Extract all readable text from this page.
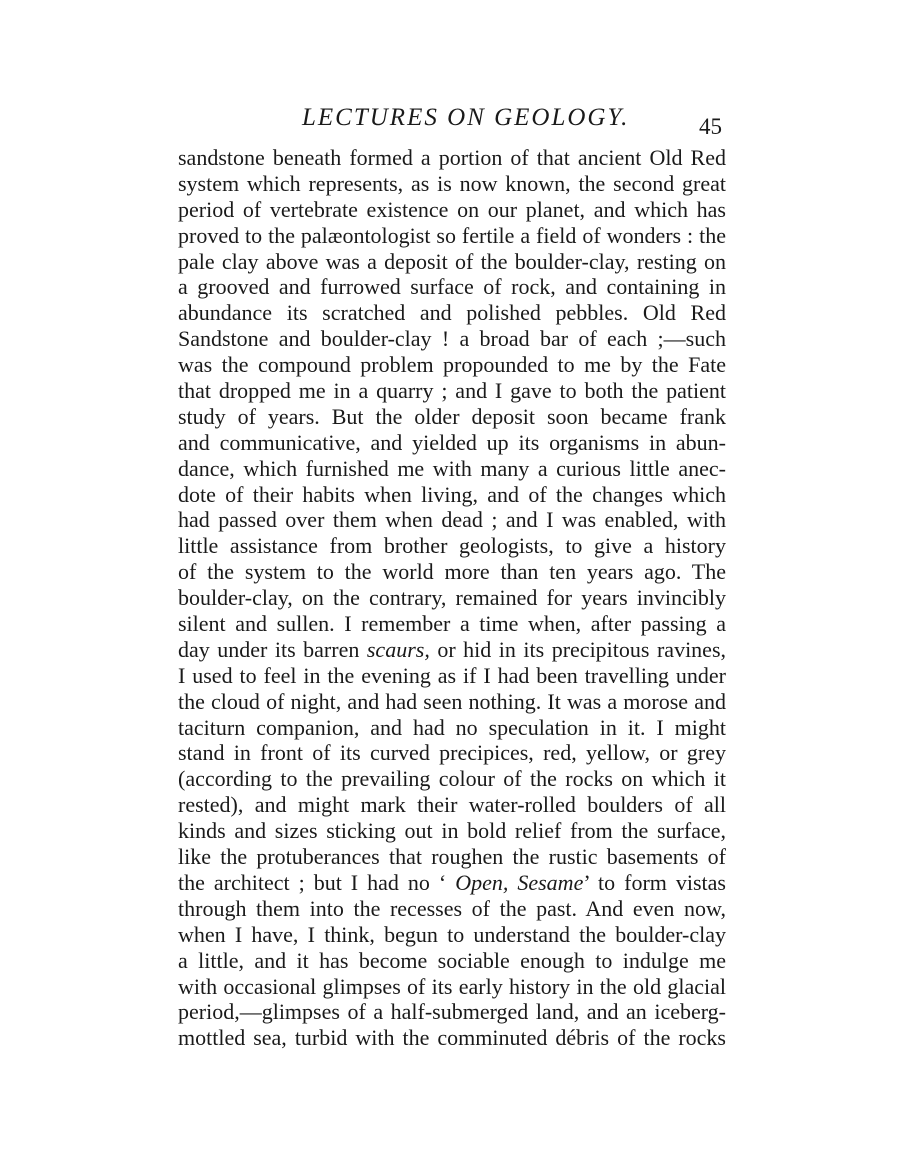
LECTURES ON GEOLOGY.	45
sandstone beneath formed a portion of that ancient Old Red
system which represents, as is now known, the second great
period of vertebrate existence on our planet, and which has
proved to the palæontologist so fertile a field of wonders : the
pale clay above was a deposit of the boulder-clay, resting on
a grooved and furrowed surface of rock, and containing in
abundance its scratched and polished pebbles. Old Red
Sandstone and boulder-clay ! a broad bar of each ;—such
was the compound problem propounded to me by the Fate
that dropped me in a quarry ; and I gave to both the patient
study of years. But the older deposit soon became frank
and communicative, and yielded up its organisms in abun-
dance, which furnished me with many a curious little anec-
dote of their habits when living, and of the changes which
had passed over them when dead ; and I was enabled, with
little assistance from brother geologists, to give a history
of the system to the world more than ten years ago. The
boulder-clay, on the contrary, remained for years invincibly
silent and sullen. I remember a time when, after passing a
day under its barren scaurs, or hid in its precipitous ravines,
I used to feel in the evening as if I had been travelling under
the cloud of night, and had seen nothing. It was a morose and
taciturn companion, and had no speculation in it. I might
stand in front of its curved precipices, red, yellow, or grey
(according to the prevailing colour of the rocks on which it
rested), and might mark their water-rolled boulders of all
kinds and sizes sticking out in bold relief from the surface,
like the protuberances that roughen the rustic basements of
the architect ; but I had no ‘ Open, Sesame’ to form vistas
through them into the recesses of the past. And even now,
when I have, I think, begun to understand the boulder-clay
a little, and it has become sociable enough to indulge me
with occasional glimpses of its early history in the old glacial
period,—glimpses of a half-submerged land, and an iceberg-
mottled sea, turbid with the comminuted débris of the rocks
